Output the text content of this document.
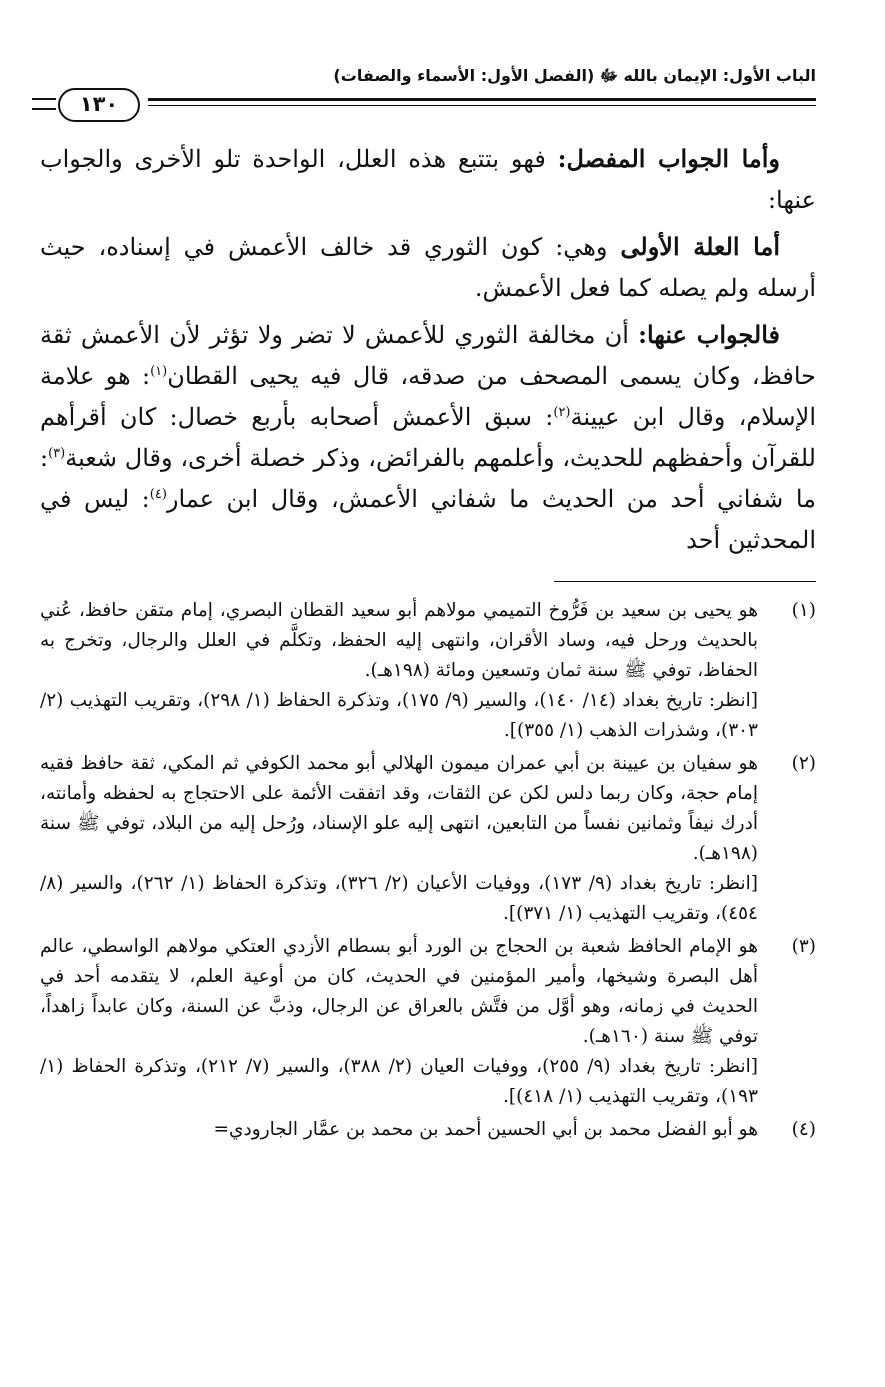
الباب الأول: الإيمان بالله ﷻ (الفصل الأول: الأسماء والصفات)
١٣٠

وأما الجواب المفصل: فهو بتتبع هذه العلل، الواحدة تلو الأخرى والجواب عنها:

أما العلة الأولى وهي: كون الثوري قد خالف الأعمش في إسناده، حيث أرسله ولم يصله كما فعل الأعمش.

فالجواب عنها: أن مخالفة الثوري للأعمش لا تضر ولا تؤثر لأن الأعمش ثقة حافظ، وكان يسمى المصحف من صدقه، قال فيه يحيى القطان$^{(١)}$: هو علامة الإسلام، وقال ابن عيينة$^{(٢)}$: سبق الأعمش أصحابه بأربع خصال: كان أقرأهم للقرآن وأحفظهم للحديث، وأعلمهم بالفرائض، وذكر خصلة أخرى، وقال شعبة$^{(٣)}$: ما شفاني أحد من الحديث ما شفاني الأعمش، وقال ابن عمار$^{(٤)}$: ليس في المحدثين أحد

(١)
هو يحيى بن سعيد بن فَرُّوخ التميمي مولاهم أبو سعيد القطان البصري، إمام متقن حافظ، عُني بالحديث ورحل فيه، وساد الأقران، وانتهى إليه الحفظ، وتكلَّم في العلل والرجال، وتخرج به الحفاظ، توفي ﷺ سنة ثمان وتسعين ومائة (١٩٨هـ).
[انظر: تاريخ بغداد (١٤/ ١٤٠)، والسير (٩/ ١٧٥)، وتذكرة الحفاظ (١/ ٢٩٨)، وتقريب التهذيب (٢/ ٣٠٣)، وشذرات الذهب (١/ ٣٥٥)].
(٢)
هو سفيان بن عيينة بن أبي عمران ميمون الهلالي أبو محمد الكوفي ثم المكي، ثقة حافظ فقيه إمام حجة، وكان ربما دلس لكن عن الثقات، وقد اتفقت الأئمة على الاحتجاج به لحفظه وأمانته، أدرك نيفاً وثمانين نفساً من التابعين، انتهى إليه علو الإسناد، ورُحل إليه من البلاد، توفي ﷺ سنة (١٩٨هـ).
[انظر: تاريخ بغداد (٩/ ١٧٣)، ووفيات الأعيان (٢/ ٣٢٦)، وتذكرة الحفاظ (١/ ٢٦٢)، والسير (٨/ ٤٥٤)، وتقريب التهذيب (١/ ٣٧١)].
(٣)
هو الإمام الحافظ شعبة بن الحجاج بن الورد أبو بسطام الأزدي العتكي مولاهم الواسطي، عالم أهل البصرة وشيخها، وأمير المؤمنين في الحديث، كان من أوعية العلم، لا يتقدمه أحد في الحديث في زمانه، وهو أوَّل من فتَّش بالعراق عن الرجال، وذبَّ عن السنة، وكان عابداً زاهداً، توفي ﷺ سنة (١٦٠هـ).
[انظر: تاريخ بغداد (٩/ ٢٥٥)، ووفيات العيان (٢/ ٣٨٨)، والسير (٧/ ٢١٢)، وتذكرة الحفاظ (١/ ١٩٣)، وتقريب التهذيب (١/ ٤١٨)].
(٤)
هو أبو الفضل محمد بن أبي الحسين أحمد بن محمد بن عمَّار الجارودي=
